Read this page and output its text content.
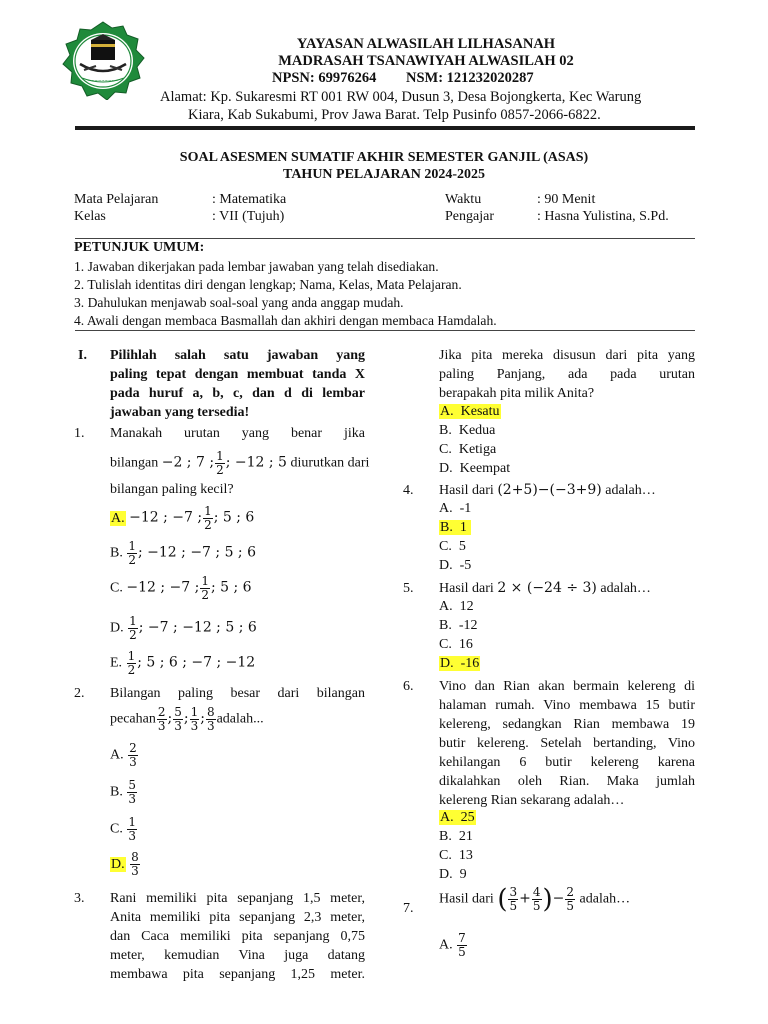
~~~~~~~~~
YAYASAN ALWASILAH LILHASANAH
MADRASAH TSANAWIYAH ALWASILAH 02
NPSN: 69976264 NSM: 121232020287
Alamat: Kp. Sukaresmi RT 001 RW 004, Dusun 3, Desa Bojongkerta, Kec Warung
Kiara, Kab Sukabumi, Prov Jawa Barat. Telp Pusinfo 0857-2066-6822.
SOAL ASESMEN SUMATIF AKHIR SEMESTER GANJIL (ASAS)
TAHUN PELAJARAN 2024-2025
Mata Pelajaran	: Matematika
Kelas	: VII (Tujuh)
Waktu	: 90 Menit
Pengajar	: Hasna Yulistina, S.Pd.
PETUNJUK UMUM:
1. Jawaban dikerjakan pada lembar jawaban yang telah disediakan.
2. Tulislah identitas diri dengan lengkap; Nama, Kelas, Mata Pelajaran.
3. Dahulukan menjawab soal-soal yang anda anggap mudah.
4. Awali dengan membaca Basmallah dan akhiri dengan membaca Hamdalah.
I. Pilihlah salah satu jawaban yang
paling tepat dengan membuat tanda X
pada huruf a, b, c, dan d di lembar
jawaban yang tersedia!
1. Manakah urutan yang benar jika
bilangan −2 ; 7 ; $\frac{1}{2}$ ; −12 ; 5 diurutkan dari
bilangan paling kecil?
A. −12 ; −7 ; $\frac{1}{2}$ ; 5 ; 6
B. $\frac{1}{2}$ ; −12 ; −7 ; 5 ; 6
C. −12 ; −7 ; $\frac{1}{2}$ ; 5 ; 6
D. $\frac{1}{2}$ ; −7 ; −12 ; 5 ; 6
E. $\frac{1}{2}$ ; 5 ; 6 ; −7 ; −12
2. Bilangan paling besar dari bilangan
pecahan $\frac{2}{3}$ ; $\frac{5}{3}$ ; $\frac{1}{3}$ ; $\frac{8}{3}$ adalah...
A. $\frac{2}{3}$
B. $\frac{5}{3}$
C. $\frac{1}{3}$
D. $\frac{8}{3}$
3. Rani memiliki pita sepanjang 1,5 meter,
Anita memiliki pita sepanjang 2,3 meter,
dan Caca memiliki pita sepanjang 0,75
meter, kemudian Vina juga datang
membawa pita sepanjang 1,25 meter.
Jika pita mereka disusun dari pita yang
paling Panjang, ada pada urutan
berapakah pita milik Anita?
A. Kesatu
B. Kedua
C. Ketiga
D. Keempat
4. Hasil dari (2+5)−(−3+9) adalah…
A. -1
B. 1
C. 5
D. -5
5. Hasil dari 2 × (−24 ÷ 3) adalah…
A. 12
B. -12
C. 16
D. -16
6. Vino dan Rian akan bermain kelereng di
halaman rumah. Vino membawa 15 butir
kelereng, sedangkan Rian membawa 19
butir kelereng. Setelah bertanding, Vino
kehilangan 6 butir kelereng karena
dikalahkan oleh Rian. Maka jumlah
kelereng Rian sekarang adalah…
A. 25
B. 21
C. 13
D. 9
7.
Hasil dari ( $\frac{3}{5} + \frac{4}{5}$ )− $\frac{2}{5}$ adalah…
A. $\frac{7}{5}$
